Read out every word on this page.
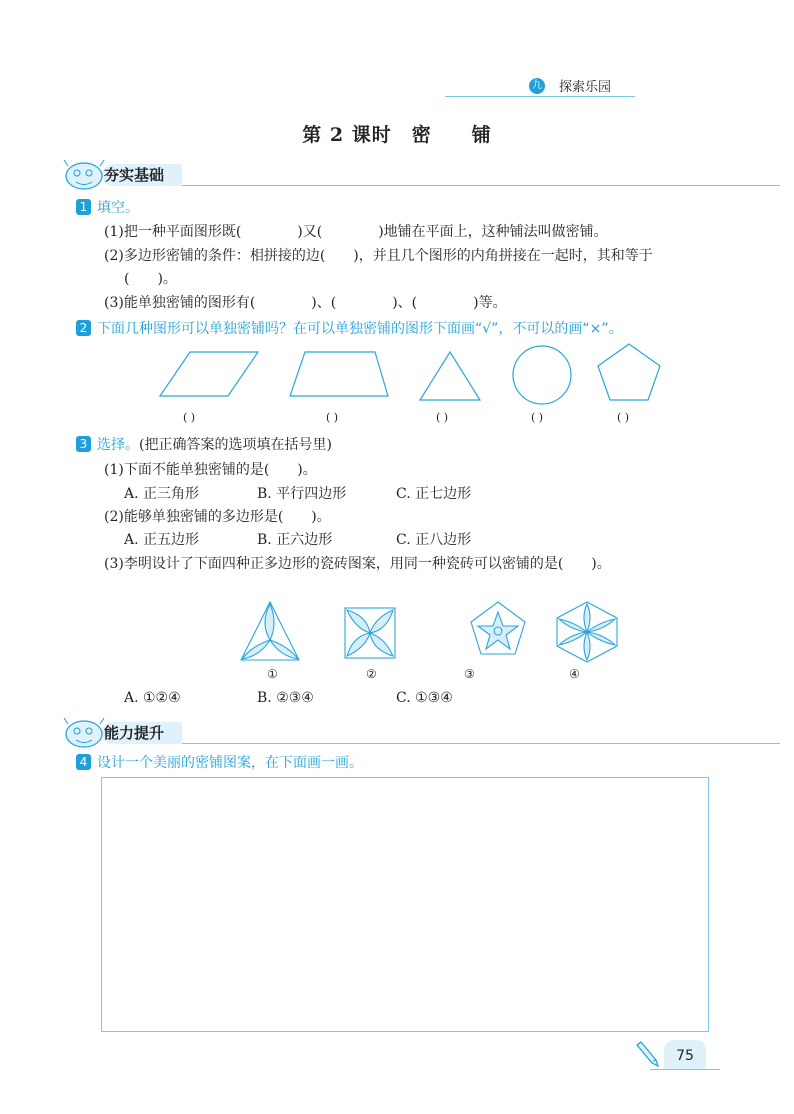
九 探索乐园
第 2 课时　密　　铺
夯实基础
1 填空。
(1)把一种平面图形既(　　　　)又(　　　　)地铺在平面上，这种铺法叫做密铺。
(2)多边形密铺的条件：相拼接的边(　　)，并且几个图形的内角拼接在一起时，其和等于
(　　)。
(3)能单独密铺的图形有(　　　　)、(　　　　)、(　　　　)等。
2 下面几种图形可以单独密铺吗？在可以单独密铺的图形下面画“√”，不可以的画“×”。
( )	( )	( )	( )	( )
3 选择。(把正确答案的选项填在括号里)
(1)下面不能单独密铺的是(　　)。
A. 正三角形	B. 平行四边形	C. 正七边形
(2)能够单独密铺的多边形是(　　)。
A. 正五边形	B. 正六边形	C. 正八边形
(3)李明设计了下面四种正多边形的瓷砖图案，用同一种瓷砖可以密铺的是(　　)。
①	②	③	④
A. ①②④	B. ②③④	C. ①③④
能力提升
4 设计一个美丽的密铺图案，在下面画一画。
75
